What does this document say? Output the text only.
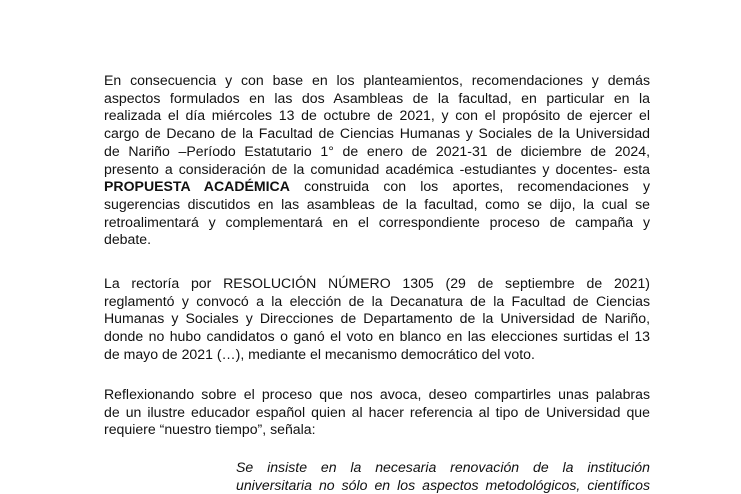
En consecuencia y con base en los planteamientos, recomendaciones y demás
aspectos formulados en las dos Asambleas de la facultad, en particular en la
realizada el día miércoles 13 de octubre de 2021, y con el propósito de ejercer el
cargo de Decano de la Facultad de Ciencias Humanas y Sociales de la Universidad
de Nariño –Período Estatutario 1° de enero de 2021-31 de diciembre de 2024,
presento a consideración de la comunidad académica -estudiantes y docentes- esta
PROPUESTA ACADÉMICA construida con los aportes, recomendaciones y
sugerencias discutidos en las asambleas de la facultad, como se dijo, la cual se
retroalimentará y complementará en el correspondiente proceso de campaña y
debate.

La rectoría por RESOLUCIÓN NÚMERO 1305 (29 de septiembre de 2021)
reglamentó y convocó a la elección de la Decanatura de la Facultad de Ciencias
Humanas y Sociales y Direcciones de Departamento de la Universidad de Nariño,
donde no hubo candidatos o ganó el voto en blanco en las elecciones surtidas el 13
de mayo de 2021 (…), mediante el mecanismo democrático del voto.

Reflexionando sobre el proceso que nos avoca, deseo compartirles unas palabras
de un ilustre educador español quien al hacer referencia al tipo de Universidad que
requiere “nuestro tiempo”, señala:

Se insiste en la necesaria renovación de la institución
universitaria no sólo en los aspectos metodológicos, científicos
